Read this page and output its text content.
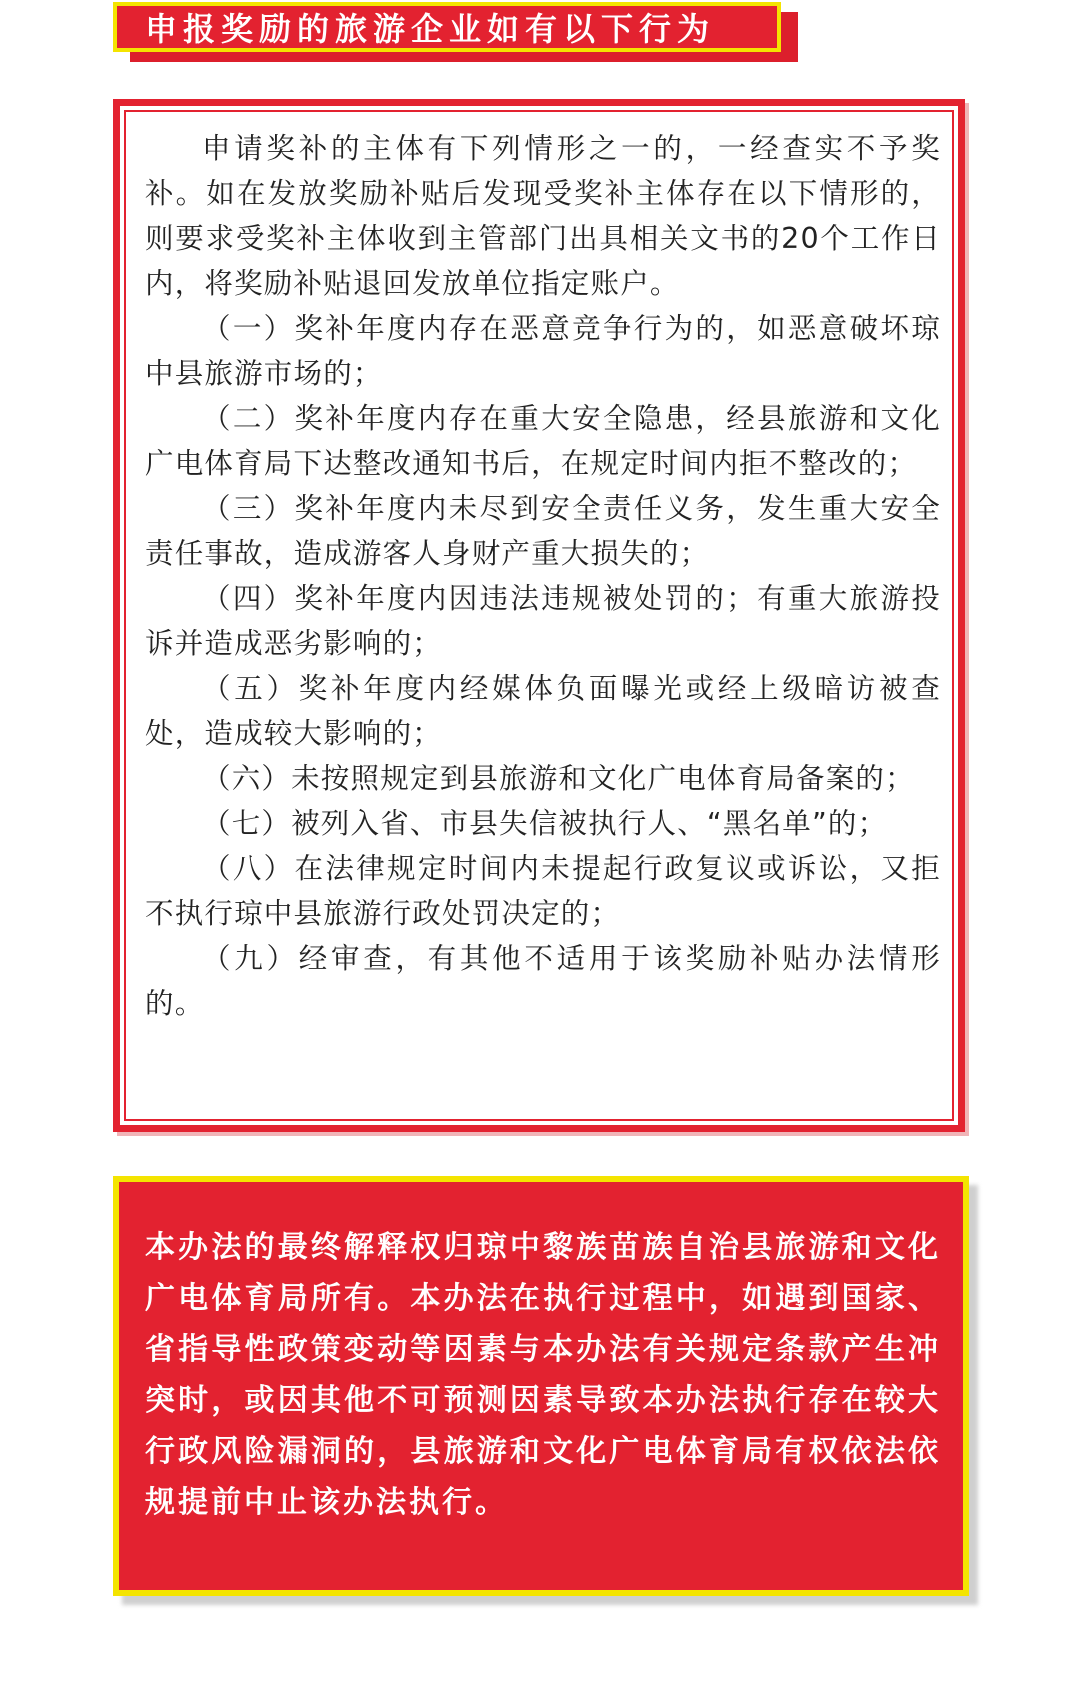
申报奖励的旅游企业如有以下行为

申请奖补的主体有下列情形之一的，一经查实不予奖补。如在发放奖励补贴后发现受奖补主体存在以下情形的，则要求受奖补主体收到主管部门出具相关文书的20个工作日内，将奖励补贴退回发放单位指定账户。

（一）奖补年度内存在恶意竞争行为的，如恶意破坏琼中县旅游市场的；

（二）奖补年度内存在重大安全隐患，经县旅游和文化广电体育局下达整改通知书后，在规定时间内拒不整改的；

（三）奖补年度内未尽到安全责任义务，发生重大安全责任事故，造成游客人身财产重大损失的；

（四）奖补年度内因违法违规被处罚的；有重大旅游投诉并造成恶劣影响的；

（五）奖补年度内经媒体负面曝光或经上级暗访被查处，造成较大影响的；

（六）未按照规定到县旅游和文化广电体育局备案的；

（七）被列入省、市县失信被执行人、“黑名单”的；

（八）在法律规定时间内未提起行政复议或诉讼，又拒不执行琼中县旅游行政处罚决定的；

（九）经审查，有其他不适用于该奖励补贴办法情形的。

本办法的最终解释权归琼中黎族苗族自治县旅游和文化广电体育局所有。本办法在执行过程中，如遇到国家、省指导性政策变动等因素与本办法有关规定条款产生冲突时，或因其他不可预测因素导致本办法执行存在较大行政风险漏洞的，县旅游和文化广电体育局有权依法依规提前中止该办法执行。
